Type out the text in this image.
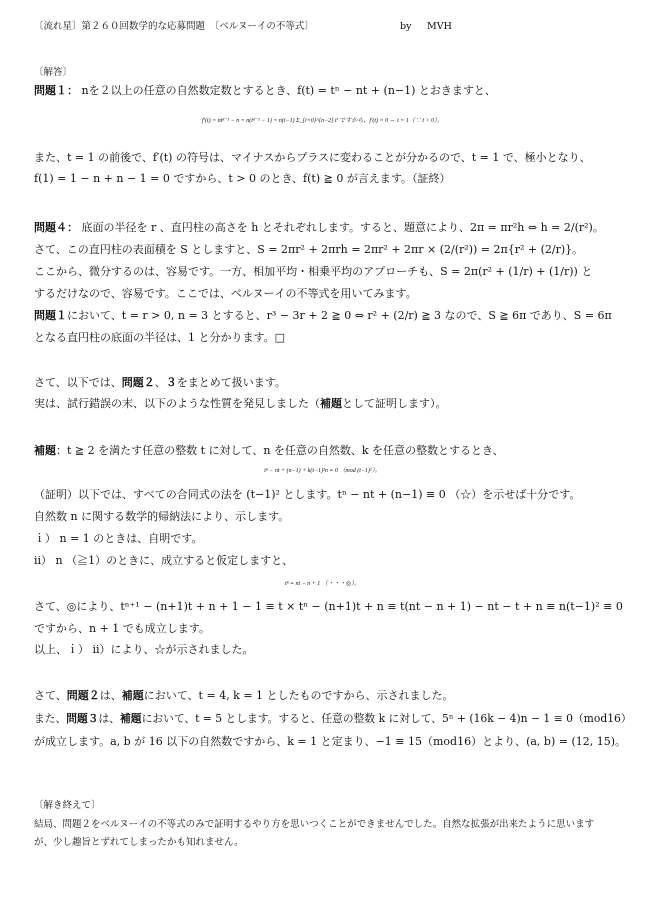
〔流れ星〕第２６０回数学的な応募問題　〔ベルヌーイの不等式〕	by MVH
〔解答〕
問題１： nを２以上の任意の自然数定数とするとき、f(t) = tⁿ − nt + (n−1) とおきますと、
f′(t) = ntⁿ⁻¹ − n = n(tⁿ⁻¹ − 1) = n(t−1) Σ_{i=0}^{n−2} tⁱ ですから、f′(t) = 0 ⇔ t = 1（∵ t > 0）。
また、t = 1 の前後で、f′(t) の符号は、マイナスからプラスに変わることが分かるので、t = 1 で、極小となり、
f(1) = 1 − n + n − 1 = 0 ですから、t > 0 のとき、f(t) ≧ 0 が言えます。（証終）
問題４： 底面の半径を r 、直円柱の高さを h とそれぞれします。すると、題意により、2π = πr²h ⇔ h = 2/(r²)。
さて、この直円柱の表面積を S としますと、S = 2πr² + 2πrh = 2πr² + 2πr × (2/(r²)) = 2π{r² + (2/r)}。
ここから、微分するのは、容易です。一方、相加平均・相乗平均のアプローチも、S = 2π(r² + (1/r) + (1/r)) と
するだけなので、容易です。ここでは、ベルヌーイの不等式を用いてみます。
問題１において、t = r > 0, n = 3 とすると、r³ − 3r + 2 ≧ 0 ⇔ r² + (2/r) ≧ 3 なので、S ≧ 6π であり、S = 6π
となる直円柱の底面の半径は、1 と分かります。□
さて、以下では、問題２、３をまとめて扱います。
実は、試行錯誤の末、以下のような性質を発見しました（補題として証明します）。
補題：t ≧ 2 を満たす任意の整数 t に対して、n を任意の自然数、k を任意の整数とするとき、
tⁿ − nt + (n−1) + k(t−1)²n ≡ 0 （mod (t−1)²）。
（証明）以下では、すべての合同式の法を (t−1)² とします。tⁿ − nt + (n−1) ≡ 0 （☆）を示せば十分です。
自然数 n に関する数学的帰納法により、示します。
ｉ） n = 1 のときは、自明です。
ⅱ） n （≧1）のときに、成立すると仮定しますと、
tⁿ ≡ nt − n + 1 （・・・◎）。
さて、◎により、tⁿ⁺¹ − (n+1)t + n + 1 − 1 ≡ t × tⁿ − (n+1)t + n ≡ t(nt − n + 1) − nt − t + n ≡ n(t−1)² ≡ 0
ですから、n + 1 でも成立します。
以上、ｉ） ⅱ）により、☆が示されました。
さて、問題２は、補題において、t = 4, k = 1 としたものですから、示されました。
また、問題３は、補題において、t = 5 とします。すると、任意の整数 k に対して、5ⁿ + (16k − 4)n − 1 ≡ 0（mod16）
が成立します。a, b が 16 以下の自然数ですから、k = 1 と定まり、−1 ≡ 15（mod16）とより、(a, b) = (12, 15)。
〔解き終えて〕
結局、問題２をベルヌーイの不等式のみで証明するやり方を思いつくことができませんでした。自然な拡張が出来たように思います
が、少し趣旨とずれてしまったかも知れません。
